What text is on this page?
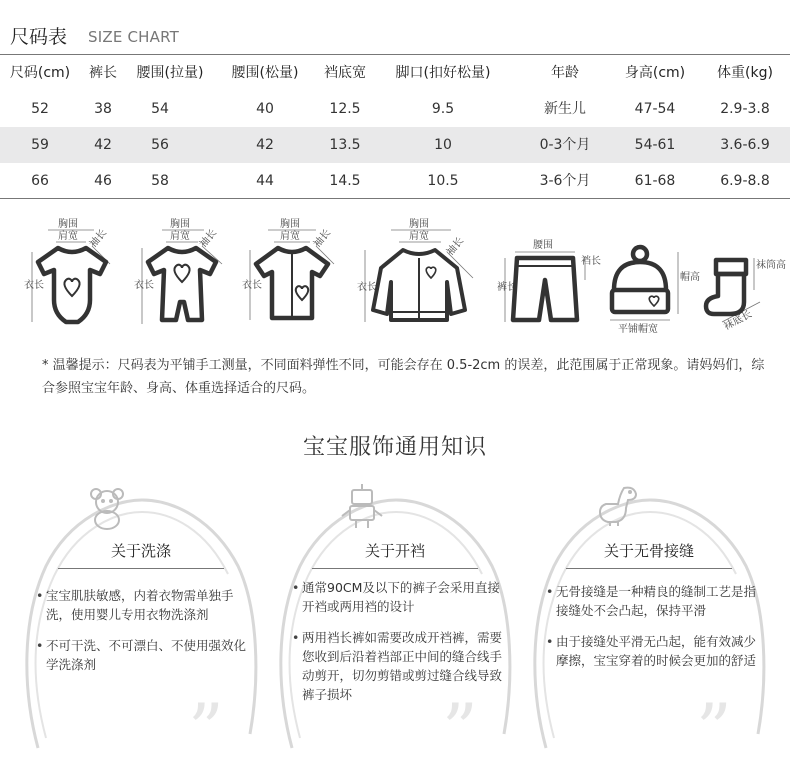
尺码表 SIZE CHART
尺码(cm)	裤长	腰围(拉量)	腰围(松量)	裆底宽	脚口(扣好松量)	年龄	身高(cm)	体重(kg)
52	38	54	40	12.5	9.5	新生儿	47-54	2.9-3.8
59	42	56	42	13.5	10	0-3个月	54-61	3.6-6.9
66	46	58	44	14.5	10.5	3-6个月	61-68	6.9-8.8
胸围
肩宽 袖长
衣长
胸围
肩宽 袖长
衣长
胸围
肩宽 袖长
衣长
胸围
肩宽 袖长
衣长
腰围
裤长
裆长
帽高
平铺帽宽
袜筒高
袜底长

* 温馨提示：尺码表为平铺手工测量，不同面料弹性不同，可能会存在 0.5-2cm 的误差，此范围属于正常现象。请妈妈们，综合参照宝宝年龄、身高、体重选择适合的尺码。

宝宝服饰通用知识
”
关于洗涤
• 宝宝肌肤敏感，内着衣物需单独手洗，使用婴儿专用衣物洗涤剂
• 不可干洗、不可漂白、不使用强效化学洗涤剂
”
关于开裆
• 通常90CM及以下的裤子会采用直接开裆或两用裆的设计
• 两用裆长裤如需要改成开裆裤，需要您收到后沿着裆部正中间的缝合线手动剪开，切勿剪错或剪过缝合线导致裤子损坏	”
关于无骨接缝
• 无骨接缝是一种精良的缝制工艺是指接缝处不会凸起，保持平滑
• 由于接缝处平滑无凸起，能有效减少摩擦，宝宝穿着的时候会更加的舒适
